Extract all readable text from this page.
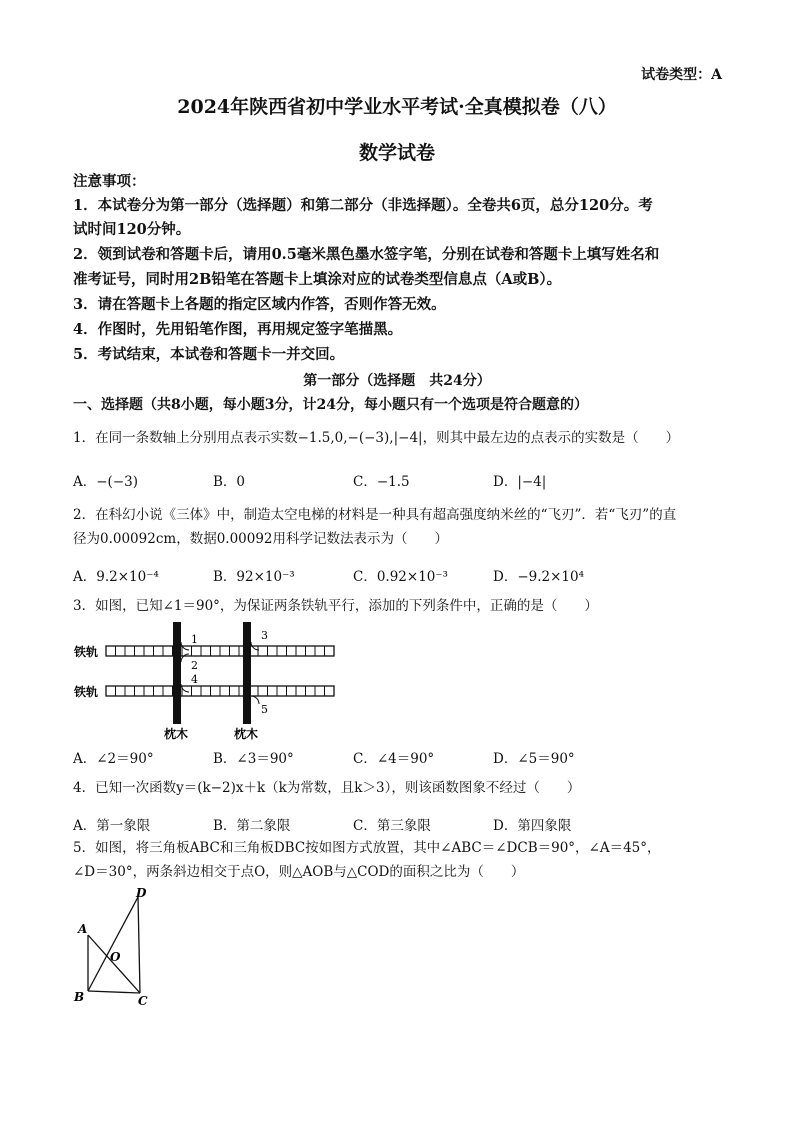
试卷类型：A
2024年陕西省初中学业水平考试·全真模拟卷（八）
数学试卷
注意事项：
1．本试卷分为第一部分（选择题）和第二部分（非选择题）。全卷共6页，总分120分。考
试时间120分钟。
2．领到试卷和答题卡后，请用0.5毫米黑色墨水签字笔，分别在试卷和答题卡上填写姓名和
准考证号，同时用2B铅笔在答题卡上填涂对应的试卷类型信息点（A或B）。
3．请在答题卡上各题的指定区域内作答，否则作答无效。
4．作图时，先用铅笔作图，再用规定签字笔描黑。
5．考试结束，本试卷和答题卡一并交回。
第一部分（选择题　共24分）
一、选择题（共8小题，每小题3分，计24分，每小题只有一个选项是符合题意的）
1．在同一条数轴上分别用点表示实数−1.5,0,−(−3),|−4|，则其中最左边的点表示的实数是（　　）
A．−(−3)	B．0	C．−1.5	D．|−4|
2．在科幻小说《三体》中，制造太空电梯的材料是一种具有超高强度纳米丝的“飞刃”．若“飞刃”的直
径为0.00092cm，数据0.00092用科学记数法表示为（　　）
A．9.2×10⁻⁴	B．92×10⁻³	C．0.92×10⁻³	D．−9.2×10⁴
3．如图，已知∠1＝90°，为保证两条铁轨平行，添加的下列条件中，正确的是（　　）
铁轨
铁轨
枕木	枕木
1
2
3
4
5
A．∠2＝90°	B．∠3＝90°	C．∠4＝90°	D．∠5＝90°
4．已知一次函数y＝(k−2)x＋k（k为常数，且k＞3），则该函数图象不经过（　　）
A．第一象限	B．第二象限	C．第三象限	D．第四象限
5．如图，将三角板ABC和三角板DBC按如图方式放置，其中∠ABC＝∠DCB＝90°，∠A＝45°，
∠D＝30°，两条斜边相交于点O，则△AOB与△COD的面积之比为（　　）
A
B	C
D
O
